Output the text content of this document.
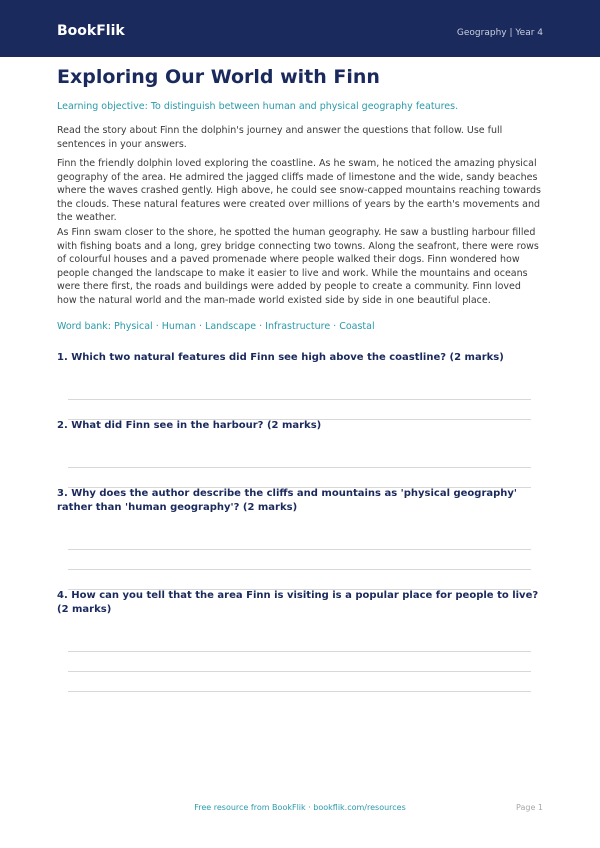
BookFlik	Geography | Year 4
Exploring Our World with Finn
Learning objective: To distinguish between human and physical geography features.

Read the story about Finn the dolphin's journey and answer the questions that follow. Use full sentences in your answers.

Finn the friendly dolphin loved exploring the coastline. As he swam, he noticed the amazing physical geography of the area. He admired the jagged cliffs made of limestone and the wide, sandy beaches where the waves crashed gently. High above, he could see snow-capped mountains reaching towards the clouds. These natural features were created over millions of years by the earth's movements and the weather.

As Finn swam closer to the shore, he spotted the human geography. He saw a bustling harbour filled with fishing boats and a long, grey bridge connecting two towns. Along the seafront, there were rows of colourful houses and a paved promenade where people walked their dogs. Finn wondered how people changed the landscape to make it easier to live and work. While the mountains and oceans were there first, the roads and buildings were added by people to create a community. Finn loved how the natural world and the man-made world existed side by side in one beautiful place.

Word bank: Physical · Human · Landscape · Infrastructure · Coastal

1. Which two natural features did Finn see high above the coastline? (2 marks)

2. What did Finn see in the harbour? (2 marks)

3. Why does the author describe the cliffs and mountains as 'physical geography' rather than 'human geography'? (2 marks)

4. How can you tell that the area Finn is visiting is a popular place for people to live? (2 marks)

Free resource from BookFlik · bookflik.com/resources	Page 1
